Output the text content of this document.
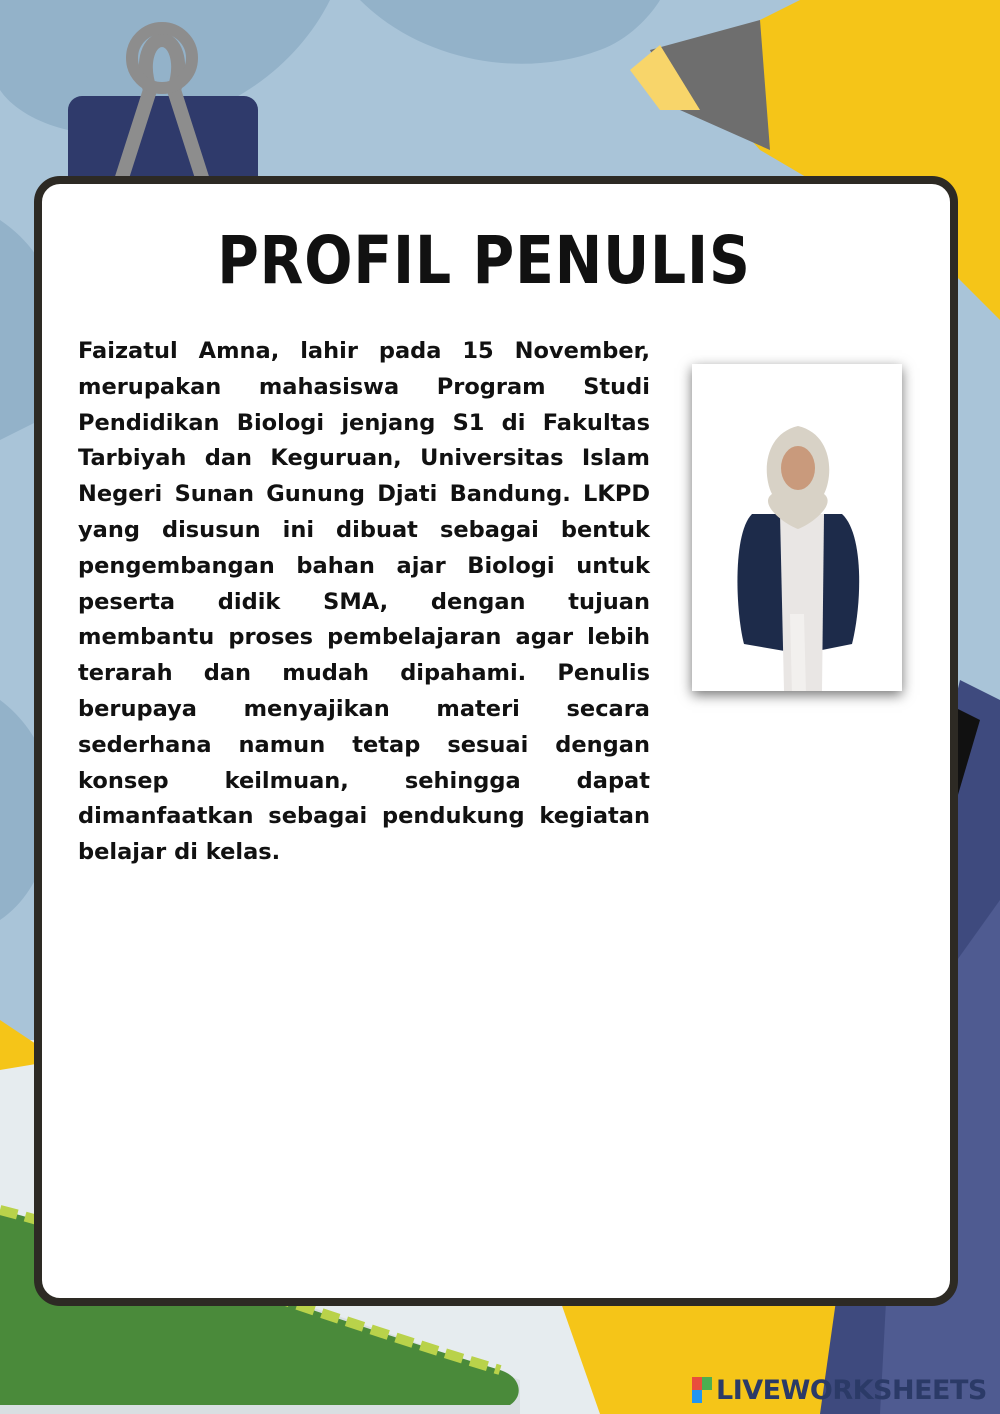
PROFIL PENULIS

Faizatul Amna, lahir pada 15 November, merupakan mahasiswa Program Studi Pendidikan Biologi jenjang S1 di Fakultas Tarbiyah dan Keguruan, Universitas Islam Negeri Sunan Gunung Djati Bandung. LKPD yang disusun ini dibuat sebagai bentuk pengembangan bahan ajar Biologi untuk peserta didik SMA, dengan tujuan membantu proses pembelajaran agar lebih terarah dan mudah dipahami. Penulis berupaya menyajikan materi secara sederhana namun tetap sesuai dengan konsep keilmuan, sehingga dapat dimanfaatkan sebagai pendukung kegiatan belajar di kelas.

LIVEWORKSHEETS
